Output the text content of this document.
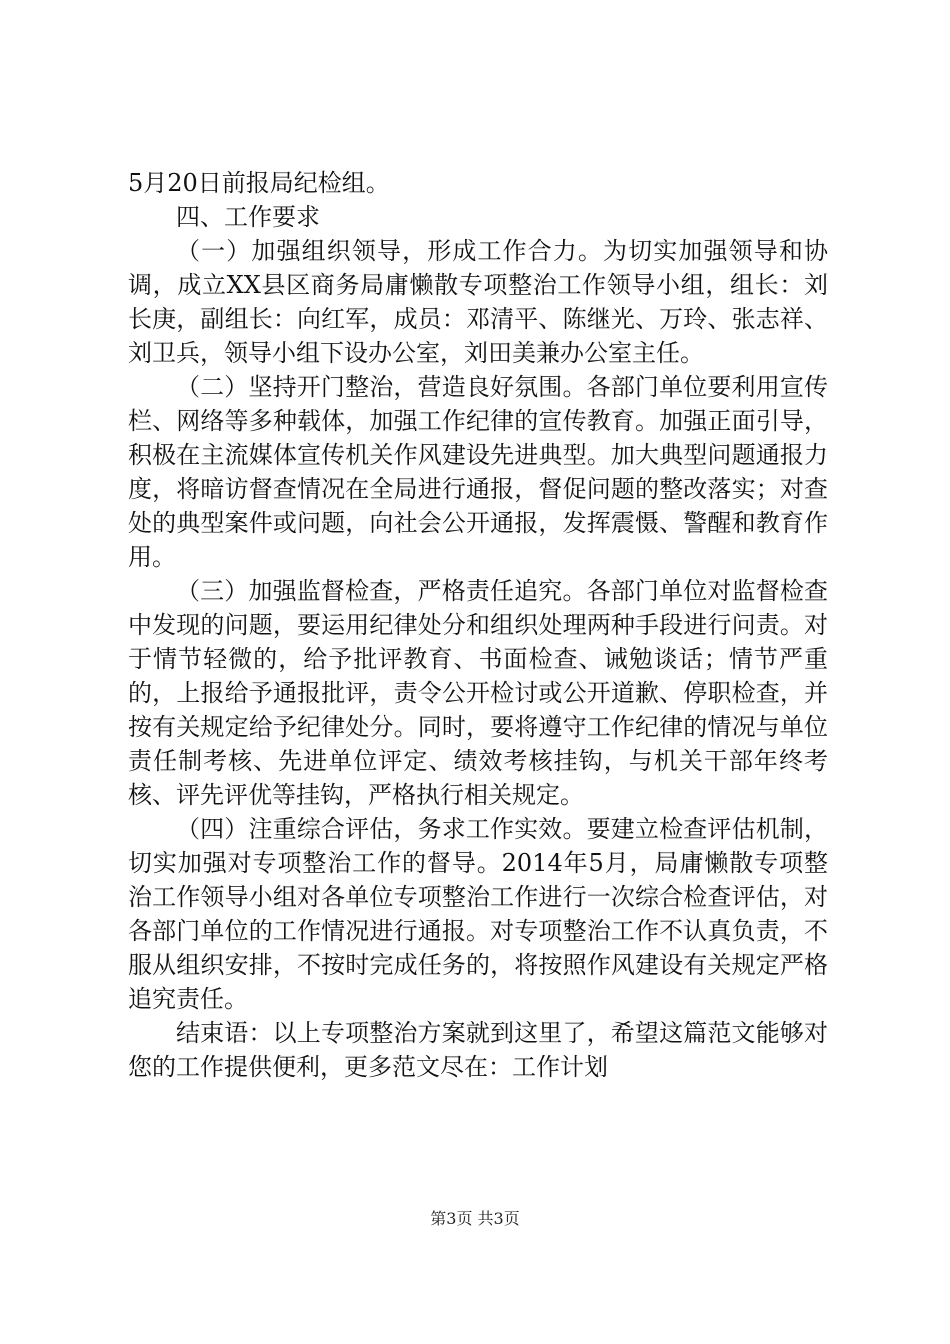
5月20日前报局纪检组。

四、工作要求

（一）加强组织领导，形成工作合力。为切实加强领导和协调，成立XX县区商务局庸懒散专项整治工作领导小组，组长：刘长庚，副组长：向红军，成员：邓清平、陈继光、万玲、张志祥、刘卫兵，领导小组下设办公室，刘田美兼办公室主任。

（二）坚持开门整治，营造良好氛围。各部门单位要利用宣传栏、网络等多种载体，加强工作纪律的宣传教育。加强正面引导，积极在主流媒体宣传机关作风建设先进典型。加大典型问题通报力度，将暗访督查情况在全局进行通报，督促问题的整改落实；对查处的典型案件或问题，向社会公开通报，发挥震慑、警醒和教育作用。

（三）加强监督检查，严格责任追究。各部门单位对监督检查中发现的问题，要运用纪律处分和组织处理两种手段进行问责。对于情节轻微的，给予批评教育、书面检查、诫勉谈话；情节严重的，上报给予通报批评，责令公开检讨或公开道歉、停职检查，并按有关规定给予纪律处分。同时，要将遵守工作纪律的情况与单位责任制考核、先进单位评定、绩效考核挂钩，与机关干部年终考核、评先评优等挂钩，严格执行相关规定。

（四）注重综合评估，务求工作实效。要建立检查评估机制，切实加强对专项整治工作的督导。2014年5月，局庸懒散专项整治工作领导小组对各单位专项整治工作进行一次综合检查评估，对各部门单位的工作情况进行通报。对专项整治工作不认真负责，不服从组织安排，不按时完成任务的，将按照作风建设有关规定严格追究责任。

结束语：以上专项整治方案就到这里了，希望这篇范文能够对您的工作提供便利，更多范文尽在：工作计划

第3页 共3页
